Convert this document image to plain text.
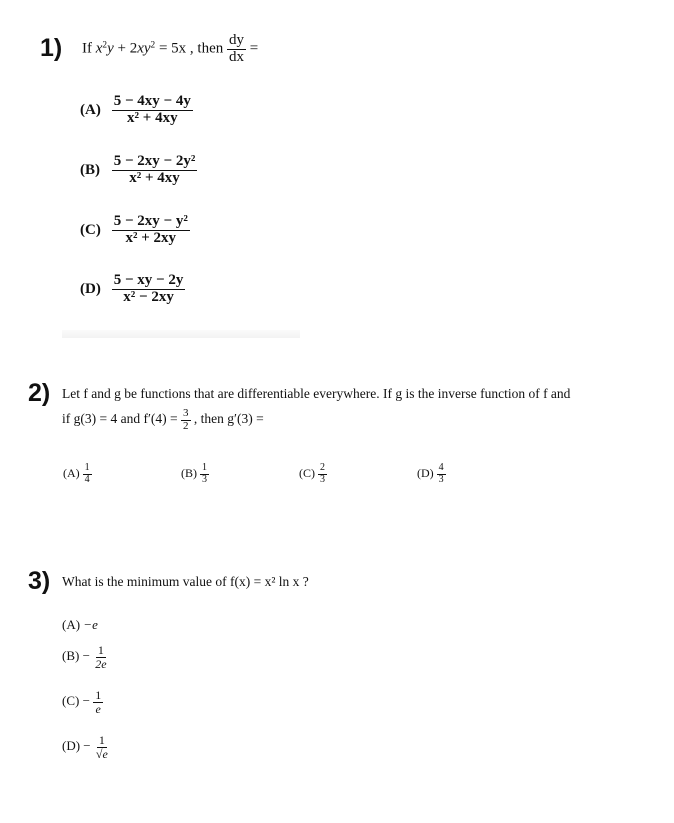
1) If $x^2y + 2xy^2 = 5x$ , then $\frac{dy}{dx}$ =
$(A) \frac{5 - 4xy - 4y}{\text{x² + 4xy}}$
$(B) \frac{\text{5 − 2xy − 2y²}}{\text{x² + 4xy}}$
$(C) \frac{\text{5 − 2xy − y²}}{\text{x² + 2xy}}$
$(D) \frac{5 - xy - 2y}{\text{x² − 2xy}}$
2) Let f and g be functions that are differentiable everywhere. If g is the inverse function of f and
if g(3) = 4 and $f'(4) = \frac{3}{2}$ , then g′(3) =
$(A) \frac{1}{4}$	$(B) \frac{1}{3}$	$(C) \frac{2}{3}$	$(D) \frac{4}{3}$
3) What is the minimum value of f(x) = x² ln x ?
(A) −e
$(B) - \frac{1}{2e}$
$(C) - \frac{1}{e}$
$(D) - \frac{1}{√e}$
